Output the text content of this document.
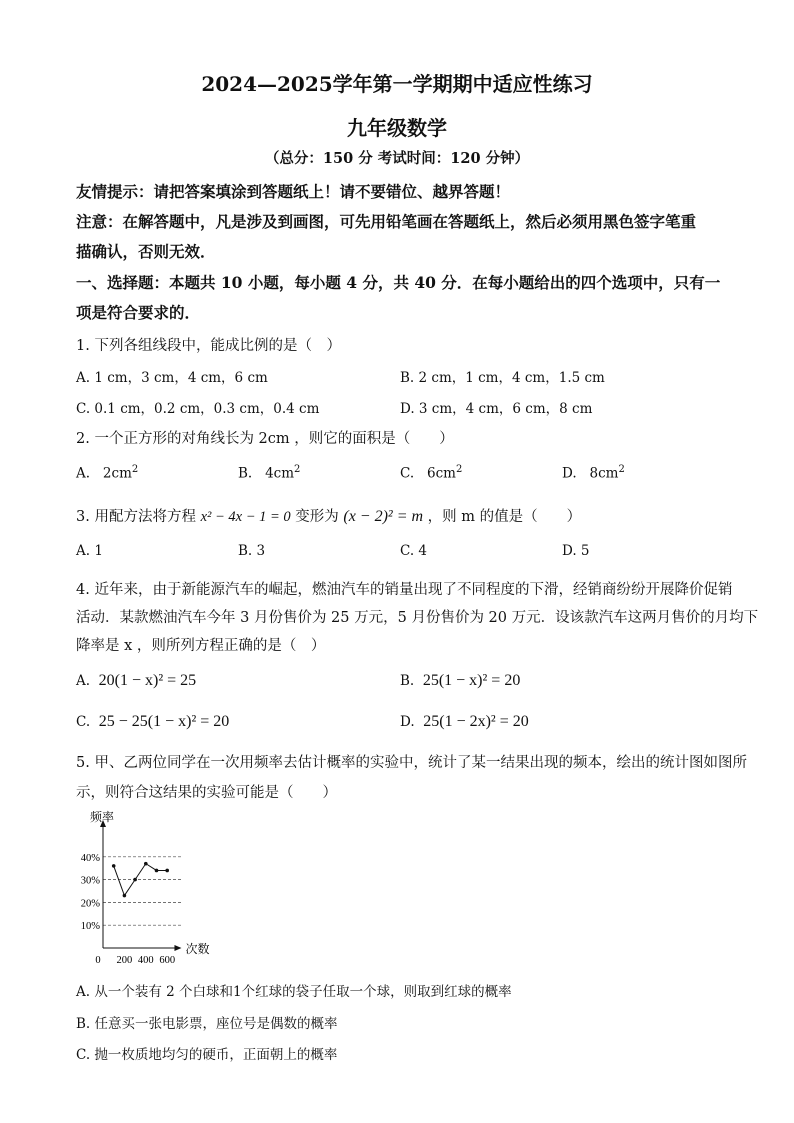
2024—2025学年第一学期期中适应性练习
九年级数学
（总分：150 分 考试时间：120 分钟）
友情提示：请把答案填涂到答题纸上！请不要错位、越界答题！
注意：在解答题中，凡是涉及到画图，可先用铅笔画在答题纸上，然后必须用黑色签字笔重
描确认，否则无效．
一、选择题：本题共 10 小题，每小题 4 分，共 40 分．在每小题给出的四个选项中，只有一
项是符合要求的．
1. 下列各组线段中，能成比例的是（　）
A. 1 cm，3 cm，4 cm，6 cm	B. 2 cm，1 cm，4 cm，1.5 cm
C. 0.1 cm，0.2 cm，0.3 cm，0.4 cm	D. 3 cm，4 cm，6 cm，8 cm
2. 一个正方形的对角线长为 2cm ，则它的面积是（　　）
A. $2cm^2$	B. $4cm^2$	C. $6cm^2$	D. $8cm^2$
3. 用配方法将方程 x² − 4x − 1 = 0 变形为 (x − 2)² = m ，则 m 的值是（　　）
A. 1	B. 3	C. 4	D. 5
4. 近年来，由于新能源汽车的崛起，燃油汽车的销量出现了不同程度的下滑，经销商纷纷开展降价促销
活动．某款燃油汽车今年 3 月份售价为 25 万元，5 月份售价为 20 万元．设该款汽车这两月售价的月均下
降率是 x ，则所列方程正确的是（　）
A. 20(1 − x)² = 25	B. 25(1 − x)² = 20
C. 25 − 25(1 − x)² = 20	D. 25(1 − 2x)² = 20
5. 甲、乙两位同学在一次用频率去估计概率的实验中，统计了某一结果出现的频本，绘出的统计图如图所
示，则符合这结果的实验可能是（　　）
10%
20%
30%
40%
频率
次数
0 200 400 600
A. 从一个装有 2 个白球和1个红球的袋子任取一个球，则取到红球的概率
B. 任意买一张电影票，座位号是偶数的概率
C. 抛一枚质地均匀的硬币，正面朝上的概率
